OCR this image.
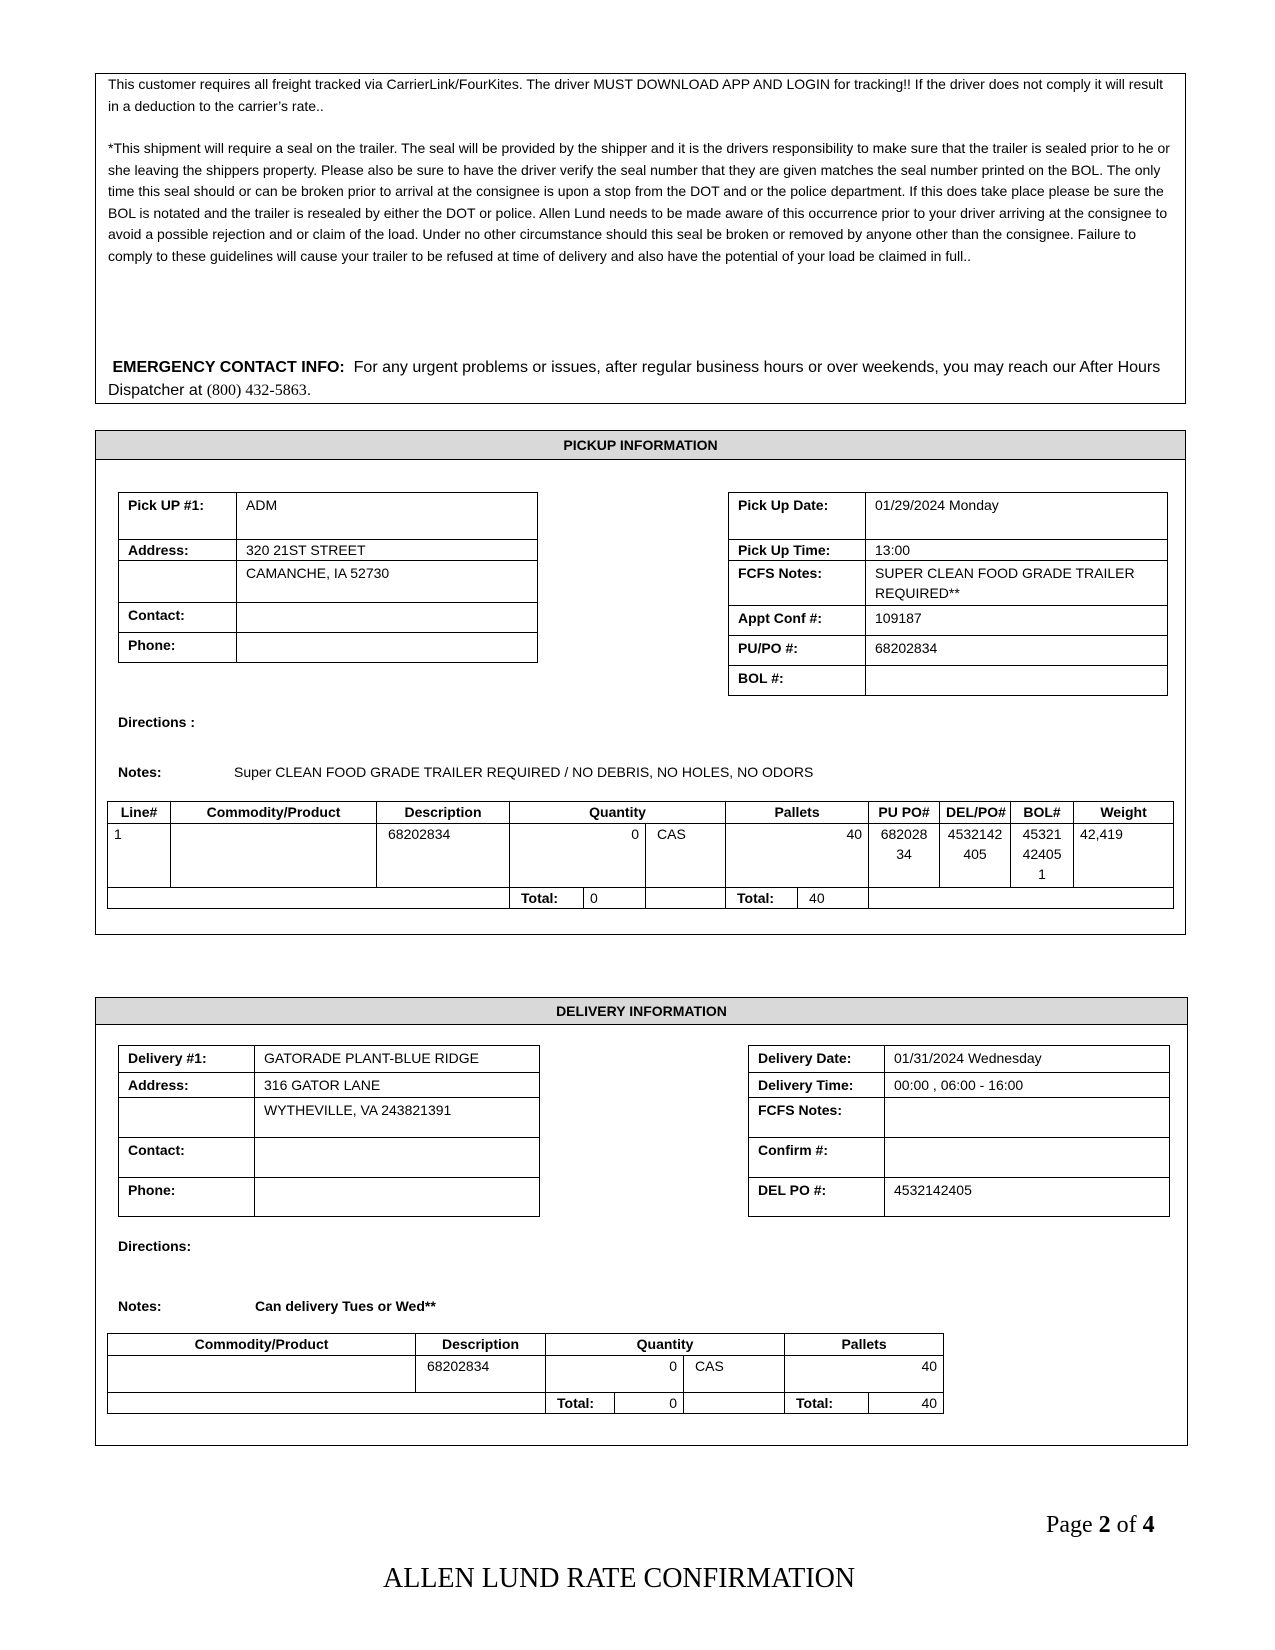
This customer requires all freight tracked via CarrierLink/FourKites. The driver MUST DOWNLOAD APP AND LOGIN for tracking!! If the driver does not comply it will result in a deduction to the carrier’s rate..
*This shipment will require a seal on the trailer. The seal will be provided by the shipper and it is the drivers responsibility to make sure that the trailer is sealed prior to he or she leaving the shippers property. Please also be sure to have the driver verify the seal number that they are given matches the seal number printed on the BOL. The only time this seal should or can be broken prior to arrival at the consignee is upon a stop from the DOT and or the police department. If this does take place please be sure the BOL is notated and the trailer is resealed by either the DOT or police. Allen Lund needs to be made aware of this occurrence prior to your driver arriving at the consignee to avoid a possible rejection and or claim of the load. Under no other circumstance should this seal be broken or removed by anyone other than the consignee. Failure to comply to these guidelines will cause your trailer to be refused at time of delivery and also have the potential of your load be claimed in full..
EMERGENCY CONTACT INFO: For any urgent problems or issues, after regular business hours or over weekends, you may reach our After Hours Dispatcher at (800) 432-5863.
PICKUP INFORMATION
Pick UP #1:	ADM
Address:	320 21ST STREET
	CAMANCHE, IA 52730
Contact:	
Phone:	
Pick Up Date:	01/29/2024 Monday
Pick Up Time:	13:00
FCFS Notes:	SUPER CLEAN FOOD GRADE TRAILER REQUIRED**
Appt Conf #:	109187
PU/PO #:	68202834
BOL #:	
Directions :
Notes:	Super CLEAN FOOD GRADE TRAILER REQUIRED / NO DEBRIS, NO HOLES, NO ODORS
Line#	Commodity/Product	Description	Quantity			Pallets		PU PO#	DEL/PO#	BOL#	Weight
1		68202834	0		CAS	40		682028 34	4532142 405	45321 42405 1	42,419
			Total:	0		Total:	40				
DELIVERY INFORMATION
Delivery #1:	GATORADE PLANT-BLUE RIDGE
Address:	316 GATOR LANE
	WYTHEVILLE, VA 243821391
Contact:	
Phone:	
Delivery Date:	01/31/2024 Wednesday
Delivery Time:	00:00 , 06:00 - 16:00
FCFS Notes:	
Confirm #:	
DEL PO #:	4532142405
Directions:
Notes:	Can delivery Tues or Wed**
Commodity/Product	Description	Quantity			Pallets	
	68202834	0		CAS	40	
		Total:	0		Total:	40
Page 2 of 4
ALLEN LUND RATE CONFIRMATION
